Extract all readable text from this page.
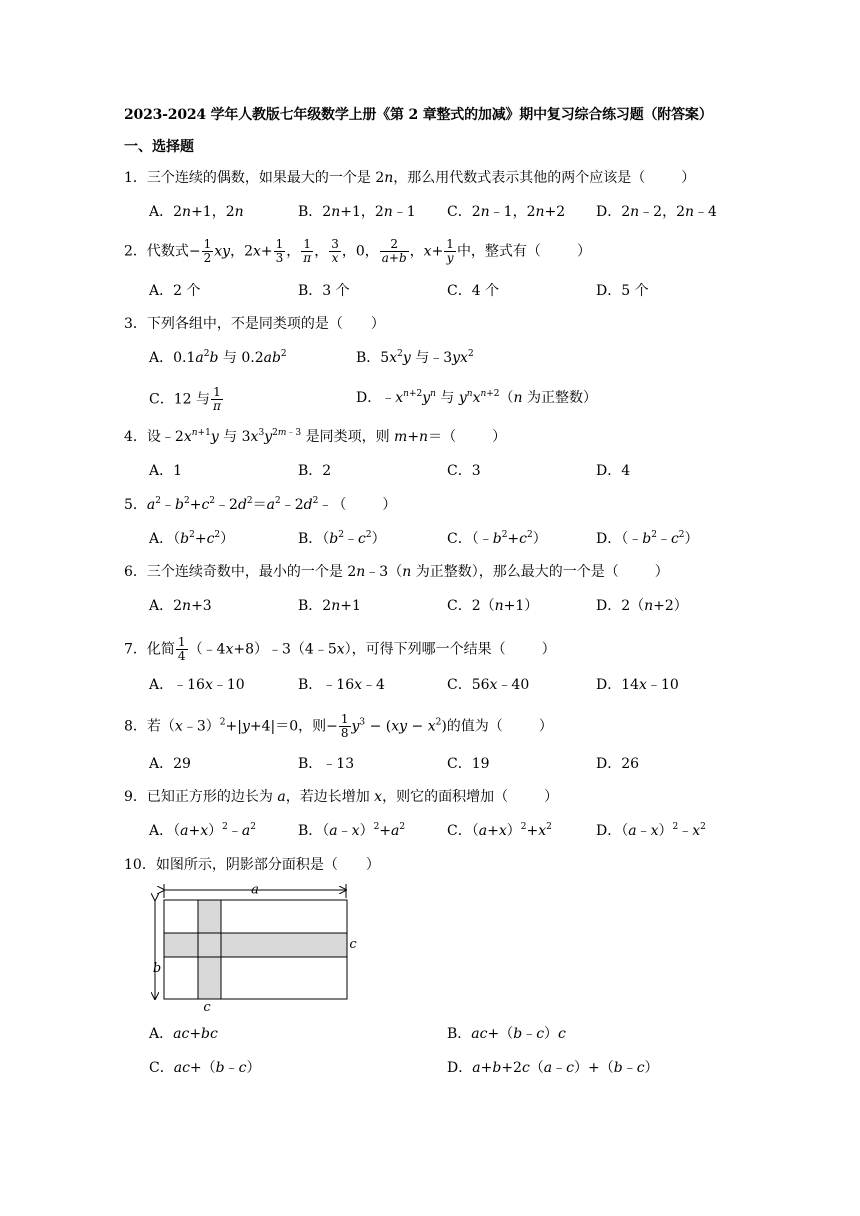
2023-2024 学年人教版七年级数学上册《第 2 章整式的加减》期中复习综合练习题（附答案）
一、选择题
1．三个连续的偶数，如果最大的一个是 2n，那么用代数式表示其他的两个应该是（	）
A．2n+1，2n	B．2n+1，2n﹣1 C．2n﹣1，2n+2 D．2n﹣2，2n﹣4
2．代数式− $\frac{1}{2}$ xy，$2x+ \frac{1}{3}$ ， $\frac{1}{\pi}$ ， $\frac{3}{x}$ ，0， $\frac{2}{a+b}$ ，$x+ \frac{1}{y}$ 中，整式有（	）
A．2 个	B．3 个	C．4 个	D．5 个
3．下列各组中，不是同类项的是（　　）
A．$0.1a^2b$ 与 $0.2ab^2$	B．$5x^2y$ 与$﹣3yx^2$
C．12 与 $\frac{1}{\pi}$	D．$﹣x^{n+2}y^n$ 与 $y^nx^{n+2}(n$ 为正整数）
4．设$﹣2x^{n+1}y$ 与 $3x^3y^{2m﹣3}$ 是同类项，则 m+n＝（	）
A．1	B．2	C．3	D．4
5．$a^2﹣b^2+c^2﹣2d^2=a^2﹣2d^2﹣$（	）
A．$(b^2+c^2)$	B．$(b^2﹣c^2)$	C．$(﹣b^2+c^2)$	D．$(﹣b^2﹣c^2)$
6．三个连续奇数中，最小的一个是 2n﹣3（n 为正整数），那么最大的一个是（	）
A．2n+3	B．2n+1	C．2（n+1）	D．2（n+2）
7．化简 $\frac{1}{4}$ （﹣4x+8）﹣3（4﹣5x），可得下列哪一个结果（	）
A．﹣16x﹣10	B．﹣16x﹣4	C．56x﹣40	D．14x﹣10
8．若（x﹣3）$^2$+|y+4|＝0，则− $\frac{1}{8} y^3 - (xy - x^2)$的值为（	）
A．29	B．﹣13	C．19	D．26
9．已知正方形的边长为 a，若边长增加 x，则它的面积增加（	）
A．$(a+x)^2﹣a^2$	B．$(a﹣x)^2+a^2$	C．$(a+x)^2+x^2$	D．$(a﹣x)^2﹣x^2$
10．如图所示，阴影部分面积是（　　）
a
b
c
c
A．ac+bc	B．ac+（b﹣c）c
C．ac+（b﹣c）	D．a+b+2c（a﹣c）+（b﹣c）
